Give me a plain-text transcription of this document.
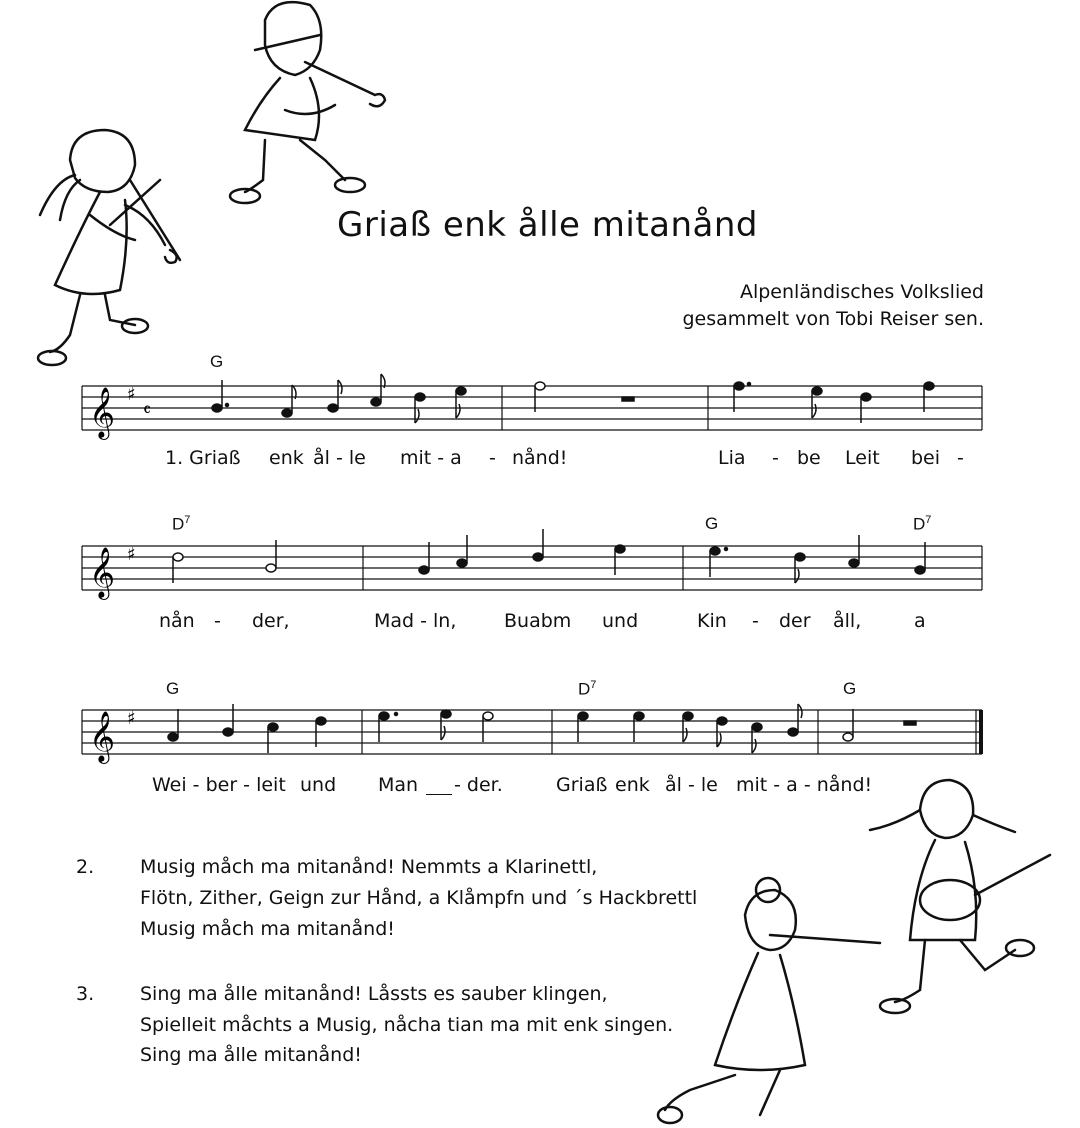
Griaß enk ålle mitanånd
Alpenländisches Volkslied
gesammelt von Tobi Reiser sen.
𝄞 ♯
𝄴
G
1. Griaß enk ål - le mit - a - nånd!	Lia - be Leit bei -
𝄞 ♯
$D^7$	G	$D^7$
nån - der,	Mad - ln,	Buabm und	Kin - der åll,	a
𝄞 ♯
G	$D^7$	G
Wei - ber - leit und Man - der.	Griaß enk ål - le mit - a - nånd!
2. Musig måch ma mitanånd! Nemmts a Klarinettl,
Flötn, Zither, Geign zur Hånd, a Klåmpfn und ´s Hackbrettl
Musig måch ma mitanånd!
3. Sing ma ålle mitanånd! Låssts es sauber klingen,
Spielleit måchts a Musig, nåcha tian ma mit enk singen.
Sing ma ålle mitanånd!
